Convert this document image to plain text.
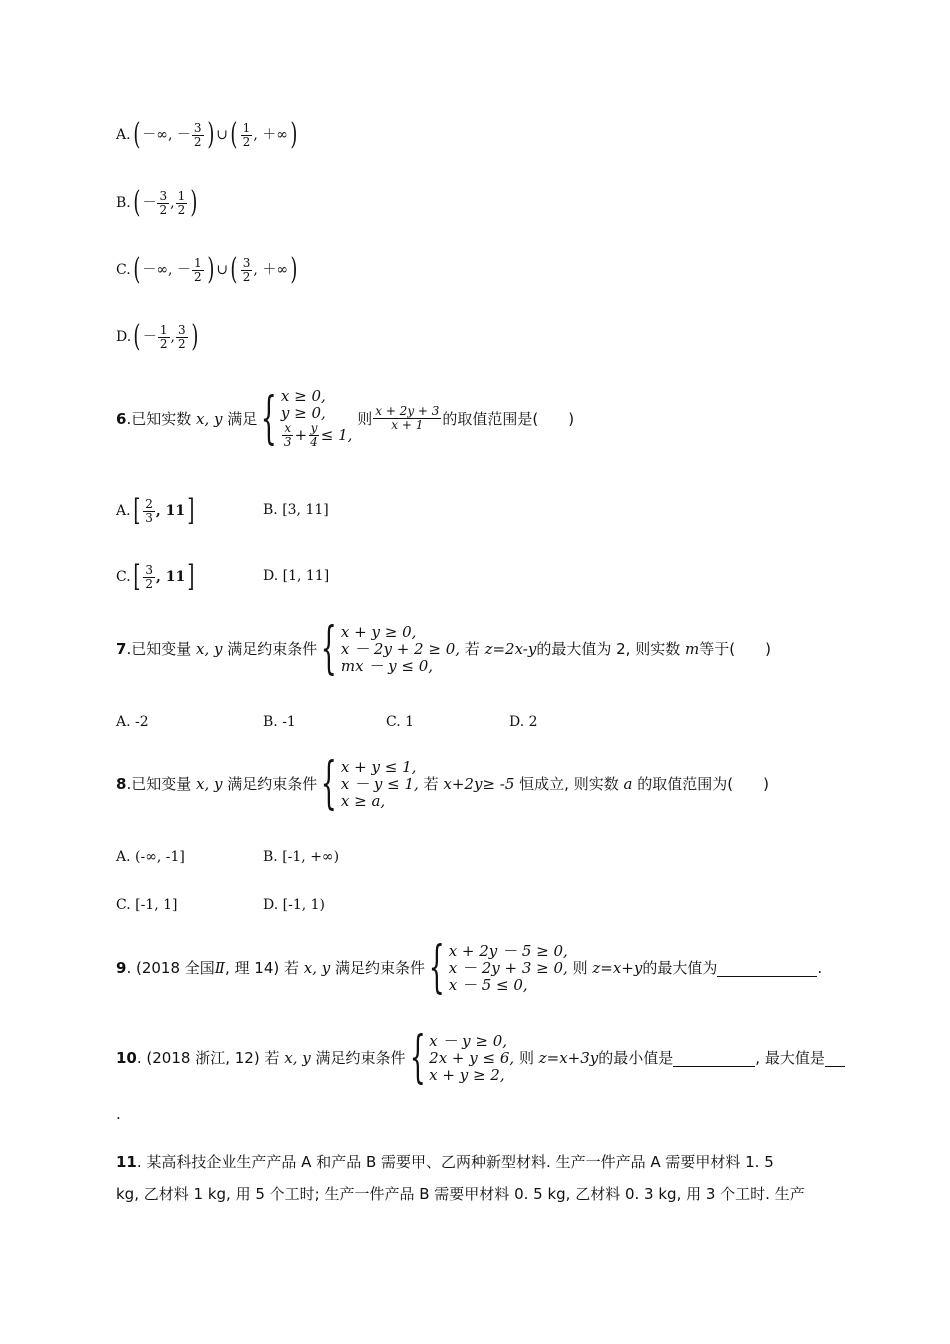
A. ( －∞,
－ $\frac{3}{2}$ ) ∪ ( $\frac{1}{2}$ , ＋∞ )
B. ( － $\frac{3}{2}$ , $\frac{1}{2}$ )
C. ( －∞,
－ $\frac{1}{2}$ ) ∪ ( $\frac{3}{2}$ , ＋∞ )
D. ( － $\frac{1}{2}$ , $\frac{3}{2}$ )
6 .已知实数
x, y
满足 { x ≥ 0,
y ≥ 0,
$\frac{x}{3} + \frac{y}{4} \le 1$,

则 $\frac{x + 2y + 3}{x + 1}$ 的取值范围是(　　)
A. [ $\frac{2}{3}$ , 11 ]	B. [3, 11]
C. [ $\frac{3}{2}$ , 11 ]	D. [1, 11]
7 .已知变量
x, y
满足约束条件 { x + y ≥ 0,
x － 2y + 2 ≥ 0,
mx － y ≤ 0,

若
z=2x-y 的最大值为 2, 则实数
m 等于(　　)
A. -2	B. -1	C. 1	D. 2
8 .已知变量
x, y
满足约束条件 { x + y ≤ 1,
x － y ≤ 1,
x ≥ a,

若
x+2y≥ -5
恒成立, 则实数
a
的取值范围为(　　)
A. (-∞, -1]	B. [-1, +∞)
C. [-1, 1]	D. [-1, 1)
9 . (2018 全国 Ⅱ , 理 14) 若
x, y
满足约束条件 { x + 2y － 5 ≥ 0,
x － 2y + 3 ≥ 0,
x － 5 ≤ 0,

则
z=x+y 的最大值为	.
10 . (2018 浙江, 12) 若
x, y
满足约束条件 { x － y ≥ 0,
2x + y ≤ 6,
x + y ≥ 2,

则
z=x+3y 的最小值是	, 最大值是
.
11. 某高科技企业生产产品 A 和产品 B 需要甲、乙两种新型材料. 生产一件产品 A 需要甲材料 1. 5
kg, 乙材料 1 kg, 用 5 个工时; 生产一件产品 B 需要甲材料 0. 5 kg, 乙材料 0. 3 kg, 用 3 个工时. 生产
